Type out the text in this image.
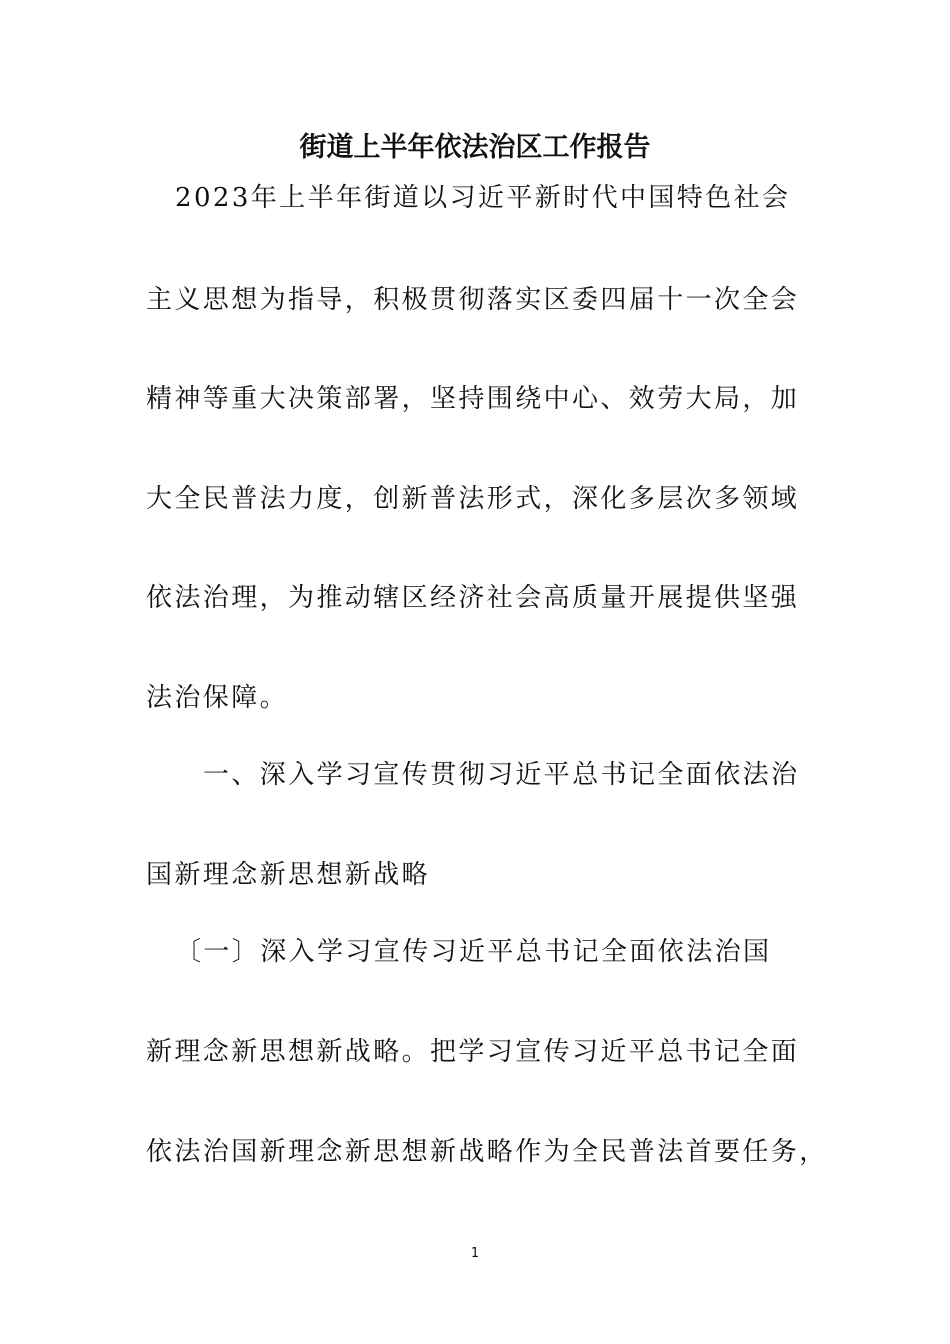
街道上半年依法治区工作报告
2023年上半年街道以习近平新时代中国特色社会
主义思想为指导，积极贯彻落实区委四届十一次全会
精神等重大决策部署，坚持围绕中心、效劳大局，加
大全民普法力度，创新普法形式，深化多层次多领域
依法治理，为推动辖区经济社会高质量开展提供坚强
法治保障。
一、深入学习宣传贯彻习近平总书记全面依法治
国新理念新思想新战略
〔一〕深入学习宣传习近平总书记全面依法治国
新理念新思想新战略。把学习宣传习近平总书记全面
依法治国新理念新思想新战略作为全民普法首要任务，
1
